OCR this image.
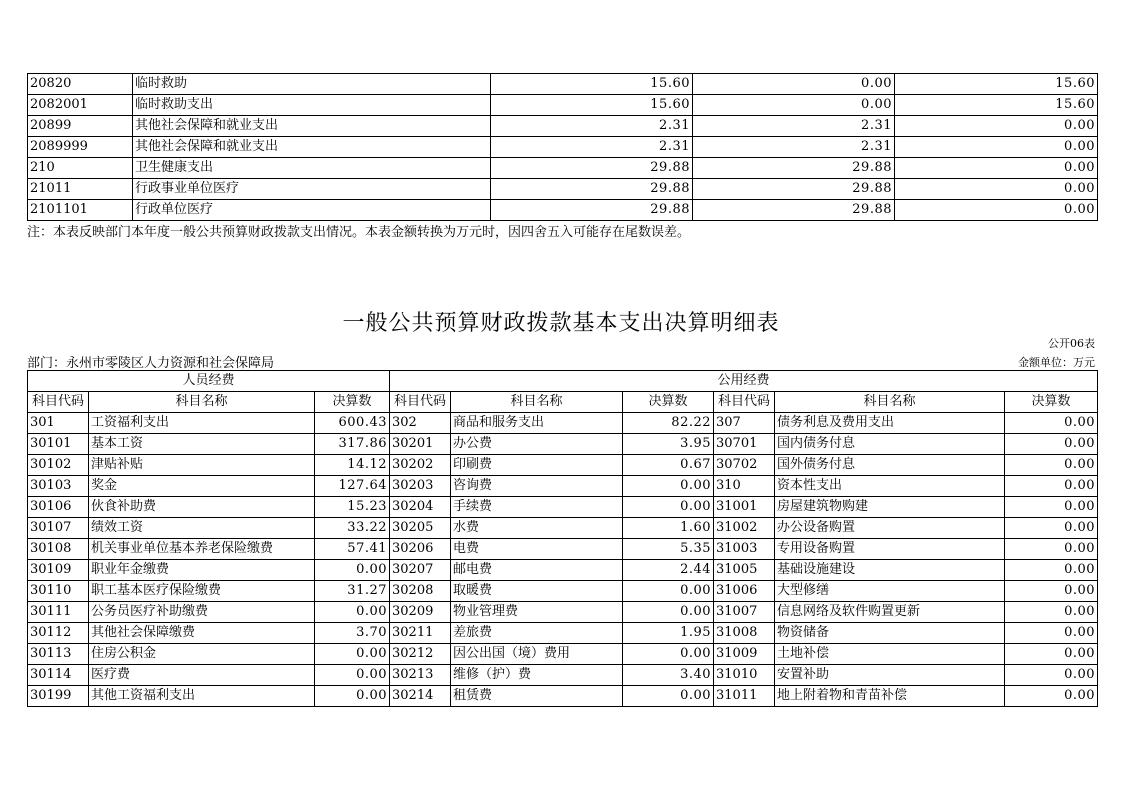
20820	临时救助	15.60	0.00	15.60
2082001	临时救助支出	15.60	0.00	15.60
20899	其他社会保障和就业支出	2.31	2.31	0.00
2089999	其他社会保障和就业支出	2.31	2.31	0.00
210	卫生健康支出	29.88	29.88	0.00
21011	行政事业单位医疗	29.88	29.88	0.00
2101101	行政单位医疗	29.88	29.88	0.00
注：本表反映部门本年度一般公共预算财政拨款支出情况。本表金额转换为万元时，因四舍五入可能存在尾数误差。
一般公共预算财政拨款基本支出决算明细表
公开06表
部门：永州市零陵区人力资源和社会保障局	金额单位：万元
人员经费			公用经费					
科目代码	科目名称	决算数	科目代码	科目名称	决算数	科目代码	科目名称	决算数
301	工资福利支出	600.43	302	商品和服务支出	82.22	307	债务利息及费用支出	0.00
30101	基本工资	317.86	30201	办公费	3.95	30701	国内债务付息	0.00
30102	津贴补贴	14.12	30202	印刷费	0.67	30702	国外债务付息	0.00
30103	奖金	127.64	30203	咨询费	0.00	310	资本性支出	0.00
30106	伙食补助费	15.23	30204	手续费	0.00	31001	房屋建筑物购建	0.00
30107	绩效工资	33.22	30205	水费	1.60	31002	办公设备购置	0.00
30108	机关事业单位基本养老保险缴费	57.41	30206	电费	5.35	31003	专用设备购置	0.00
30109	职业年金缴费	0.00	30207	邮电费	2.44	31005	基础设施建设	0.00
30110	职工基本医疗保险缴费	31.27	30208	取暖费	0.00	31006	大型修缮	0.00
30111	公务员医疗补助缴费	0.00	30209	物业管理费	0.00	31007	信息网络及软件购置更新	0.00
30112	其他社会保障缴费	3.70	30211	差旅费	1.95	31008	物资储备	0.00
30113	住房公积金	0.00	30212	因公出国（境）费用	0.00	31009	土地补偿	0.00
30114	医疗费	0.00	30213	维修（护）费	3.40	31010	安置补助	0.00
30199	其他工资福利支出	0.00	30214	租赁费	0.00	31011	地上附着物和青苗补偿	0.00
